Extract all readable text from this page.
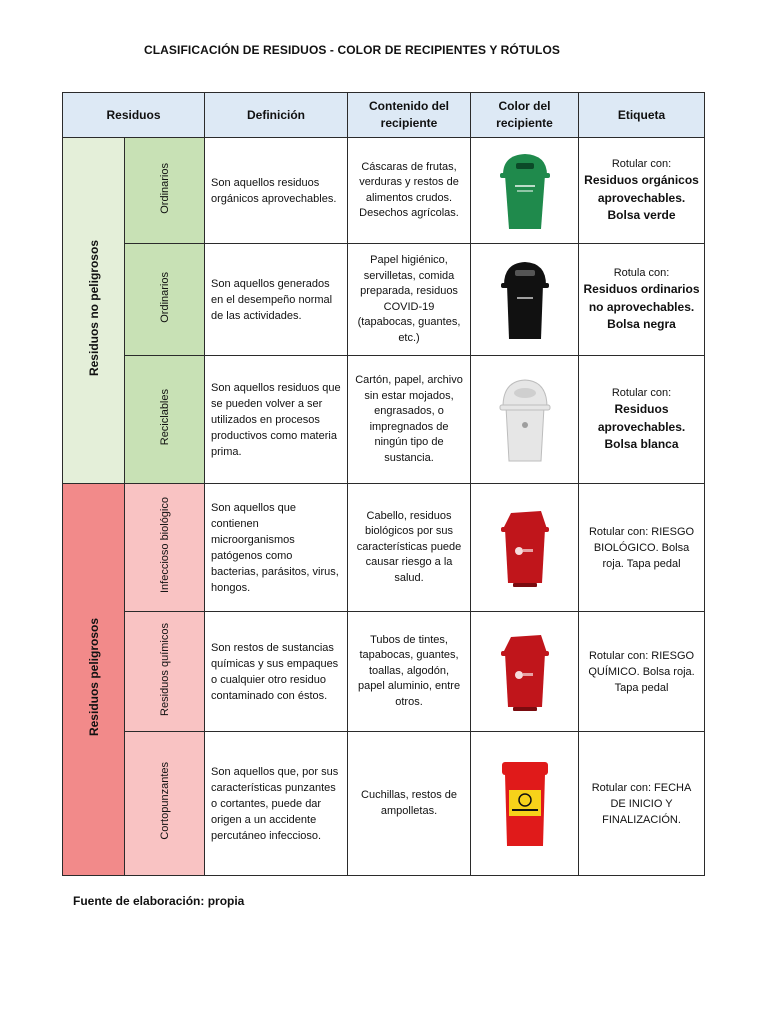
CLASIFICACIÓN DE RESIDUOS - COLOR DE RECIPIENTES Y RÓTULOS
Residuos		Definición	Contenido del recipiente	Color del recipiente	Etiqueta
Residuos no peligrosos	Ordinarios	Son aquellos residuos orgánicos aprovechables.	Cáscaras de frutas, verduras y restos de alimentos crudos. Desechos agrícolas.		Rotular con:
Residuos orgánicos aprovechables. Bolsa verde

	Ordinarios	Son aquellos generados en el desempeño normal de las actividades.	Papel higiénico, servilletas, comida preparada, residuos COVID-19 (tapabocas, guantes, etc.)		Rotula con:
Residuos ordinarios no aprovechables. Bolsa negra

	Reciclables	Son aquellos residuos que se pueden volver a ser utilizados en procesos productivos como materia prima.	Cartón, papel, archivo sin estar mojados, engrasados, o impregnados de ningún tipo de sustancia.		Rotular con:
Residuos aprovechables. Bolsa blanca

Residuos peligrosos	Infeccioso biológico	Son aquellos que contienen microorganismos patógenos como bacterias, parásitos, virus, hongos.	Cabello, residuos biológicos por sus características puede causar riesgo a la salud.		Rotular con: RIESGO BIOLÓGICO. Bolsa roja. Tapa pedal
	Residuos químicos	Son restos de sustancias químicas y sus empaques o cualquier otro residuo contaminado con éstos.	Tubos de tintes, tapabocas, guantes, toallas, algodón, papel aluminio, entre otros.		Rotular con: RIESGO QUÍMICO. Bolsa roja. Tapa pedal
	Cortopunzantes	Son aquellos que, por sus características punzantes o cortantes, puede dar origen a un accidente percutáneo infeccioso.	Cuchillas, restos de ampolletas.		Rotular con: FECHA DE INICIO Y FINALIZACIÓN.
Fuente de elaboración: propia
